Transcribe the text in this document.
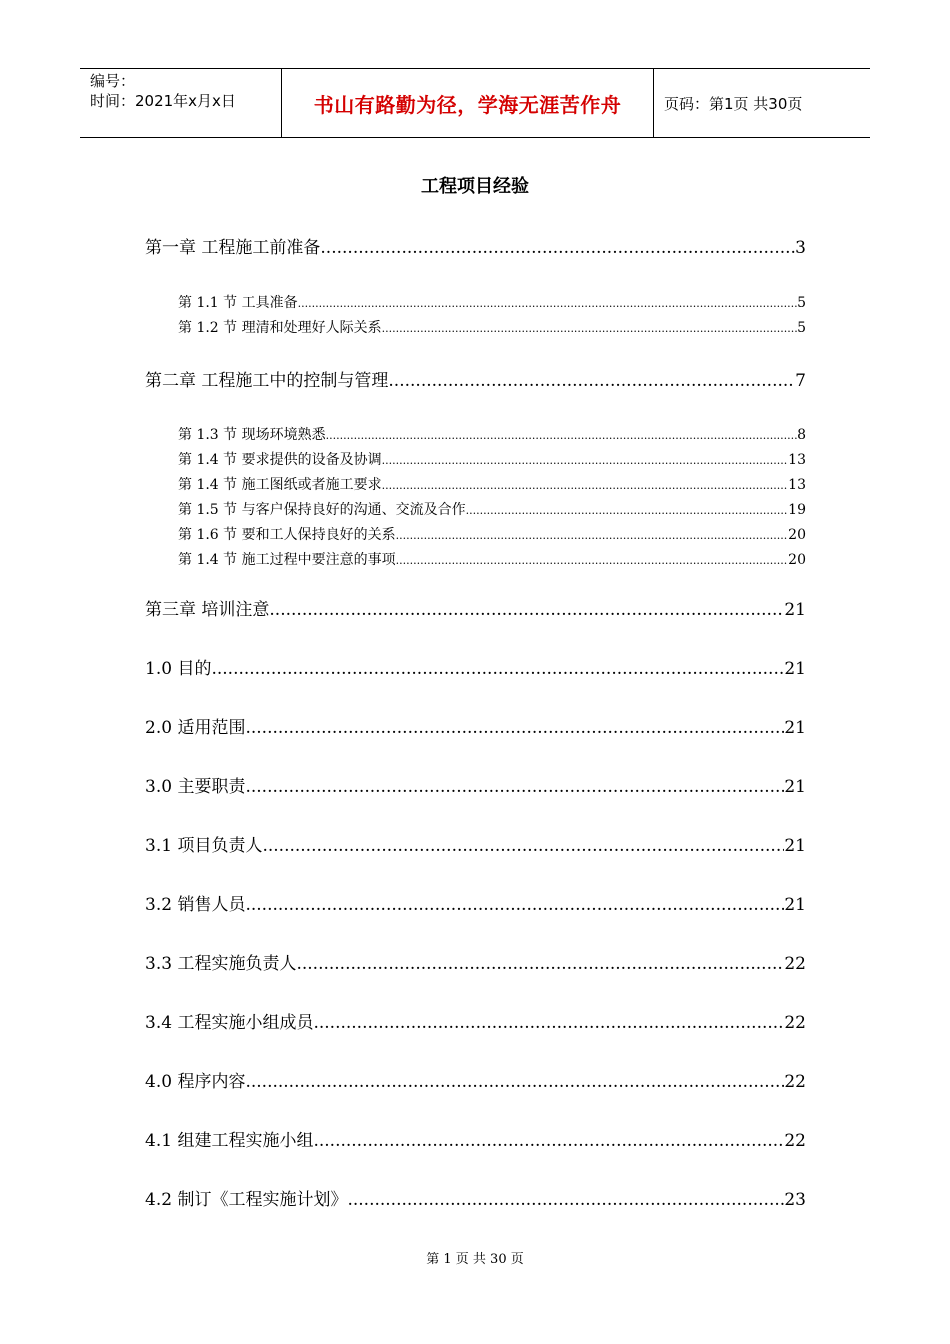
编号：
时间：2021年x月x日	书山有路勤为径，学海无涯苦作舟	页码：第1页 共30页
工程项目经验
第一章 工程施工前准备 .....	3
第 1.1 节 工具准备 .....	5
第 1.2 节 理清和处理好人际关系 .....	5
第二章 工程施工中的控制与管理 .....	7
第 1.3 节 现场环境熟悉 .....	8
第 1.4 节 要求提供的设备及协调 .....	13
第 1.4 节 施工图纸或者施工要求 .....	13
第 1.5 节 与客户保持良好的沟通、交流及合作 .....	19
第 1.6 节 要和工人保持良好的关系 .....	20
第 1.4 节 施工过程中要注意的事项 .....	20
第三章 培训注意 .....	21
1.0 目的 .....	21
2.0 适用范围 .....	21
3.0 主要职责 .....	21
3.1 项目负责人 .....	21
3.2 销售人员 .....	21
3.3 工程实施负责人 .....	22
3.4 工程实施小组成员 .....	22
4.0 程序内容 .....	22
4.1 组建工程实施小组 .....	22
4.2 制订《工程实施计划》 .....	23
第 1 页 共 30 页
